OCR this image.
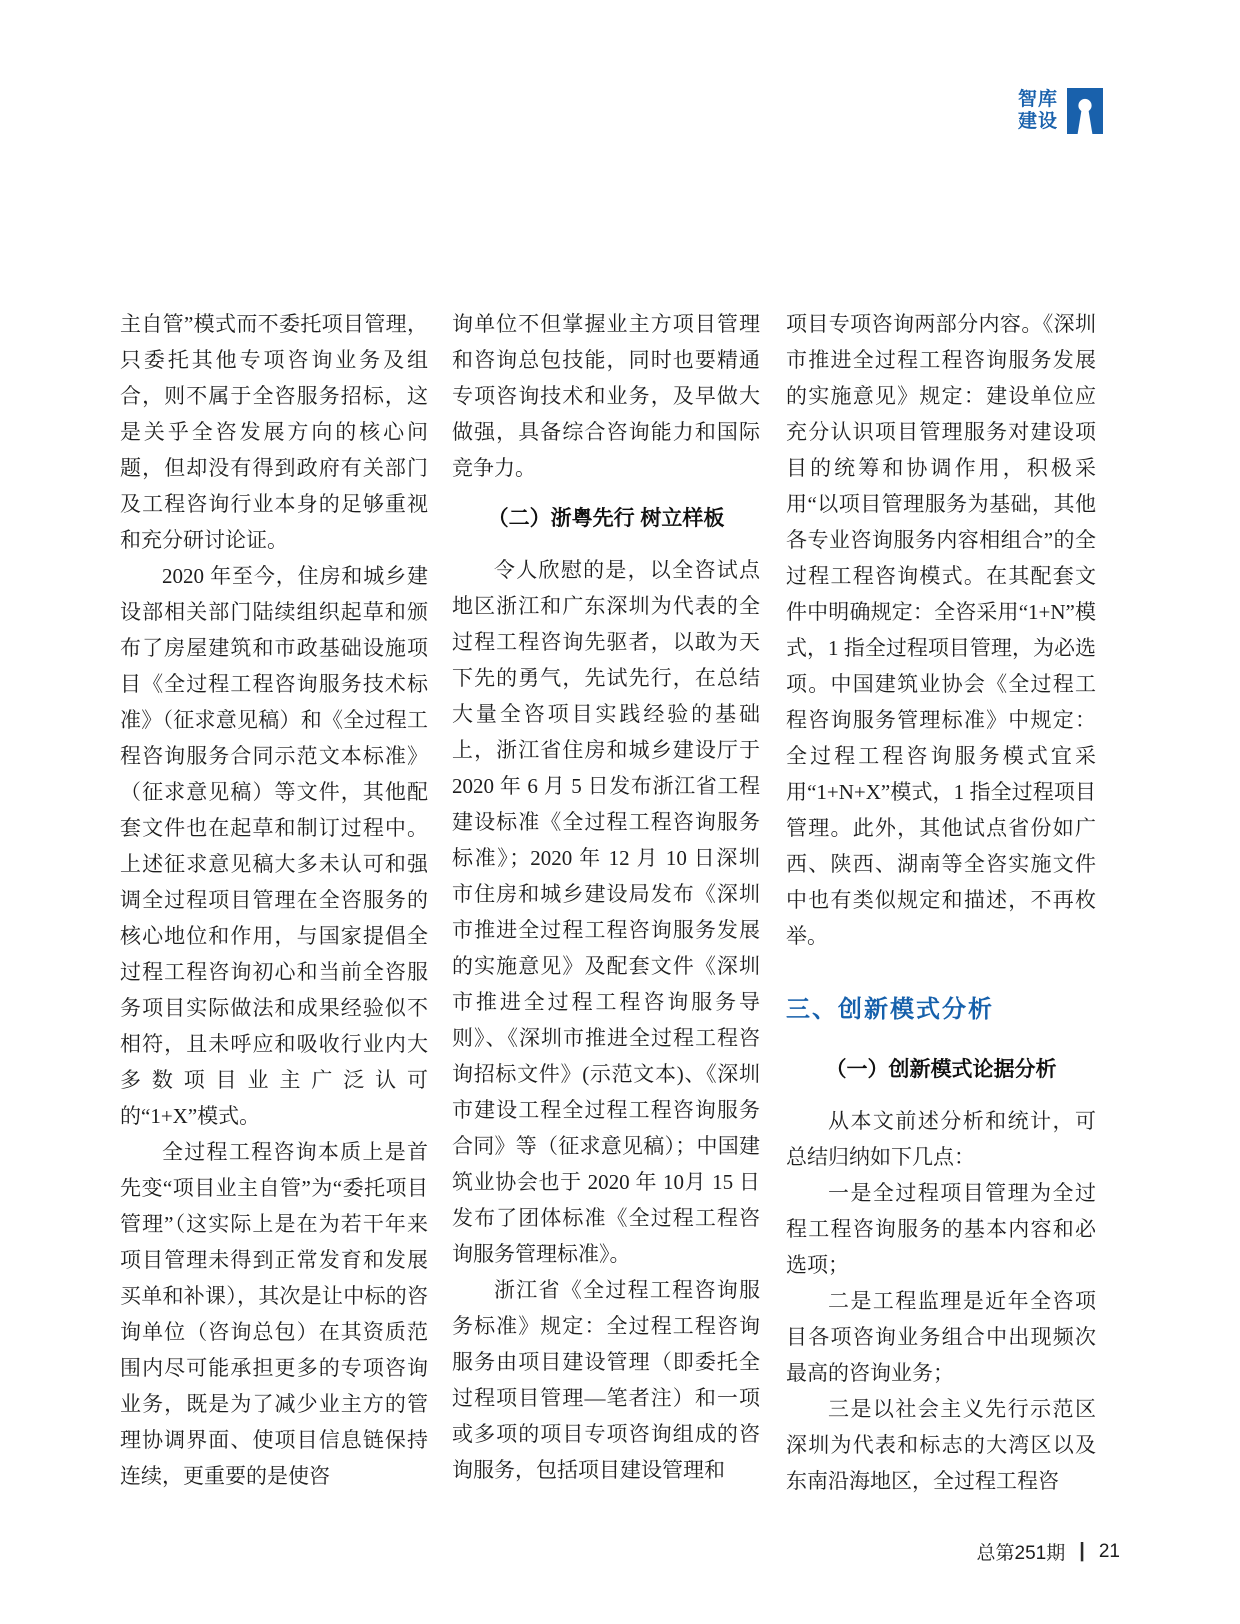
智库
建设

主自管”模式而不委托项目管理，只委托其他专项咨询业务及组合，则不属于全咨服务招标，这是关乎全咨发展方向的核心问题，但却没有得到政府有关部门及工程咨询行业本身的足够重视和充分研讨论证。

2020 年至今，住房和城乡建设部相关部门陆续组织起草和颁布了房屋建筑和市政基础设施项目《全过程工程咨询服务技术标准》（征求意见稿）和《全过程工程咨询服务合同示范文本标准》（征求意见稿）等文件，其他配套文件也在起草和制订过程中。上述征求意见稿大多未认可和强调全过程项目管理在全咨服务的核心地位和作用，与国家提倡全过程工程咨询初心和当前全咨服务项目实际做法和成果经验似不相符，且未呼应和吸收行业内大多数项目业主广泛认可的“1+X”模式。

全过程工程咨询本质上是首先变“项目业主自管”为“委托项目管理”（这实际上是在为若干年来项目管理未得到正常发育和发展买单和补课），其次是让中标的咨询单位（咨询总包）在其资质范围内尽可能承担更多的专项咨询业务，既是为了减少业主方的管理协调界面、使项目信息链保持连续，更重要的是使咨

询单位不但掌握业主方项目管理和咨询总包技能，同时也要精通专项咨询技术和业务，及早做大做强，具备综合咨询能力和国际竞争力。

（二）浙粤先行 树立样板

令人欣慰的是，以全咨试点地区浙江和广东深圳为代表的全过程工程咨询先驱者，以敢为天下先的勇气，先试先行，在总结大量全咨项目实践经验的基础上，浙江省住房和城乡建设厅于2020 年 6 月 5 日发布浙江省工程建设标准《全过程工程咨询服务标准》；2020 年 12 月 10 日深圳市住房和城乡建设局发布《深圳市推进全过程工程咨询服务发展的实施意见》及配套文件《深圳市推进全过程工程咨询服务导则》、《深圳市推进全过程工程咨询招标文件》(示范文本)、《深圳市建设工程全过程工程咨询服务合同》等（征求意见稿）；中国建筑业协会也于 2020 年 10月 15 日发布了团体标准《全过程工程咨询服务管理标准》。

浙江省《全过程工程咨询服务标准》规定：全过程工程咨询服务由项目建设管理（即委托全过程项目管理—笔者注）和一项或多项的项目专项咨询组成的咨询服务，包括项目建设管理和

项目专项咨询两部分内容。《深圳市推进全过程工程咨询服务发展的实施意见》规定：建设单位应充分认识项目管理服务对建设项目的统筹和协调作用，积极采用“以项目管理服务为基础，其他各专业咨询服务内容相组合”的全过程工程咨询模式。在其配套文件中明确规定：全咨采用“1+N”模式，1 指全过程项目管理，为必选项。中国建筑业协会《全过程工程咨询服务管理标准》中规定：全过程工程咨询服务模式宜采用“1+N+X”模式，1 指全过程项目管理。此外，其他试点省份如广西、陕西、湖南等全咨实施文件中也有类似规定和描述，不再枚举。

三、创新模式分析
（一）创新模式论据分析

从本文前述分析和统计，可总结归纳如下几点：

一是全过程项目管理为全过程工程咨询服务的基本内容和必选项；

二是工程监理是近年全咨项目各项咨询业务组合中出现频次最高的咨询业务；

三是以社会主义先行示范区深圳为代表和标志的大湾区以及东南沿海地区，全过程工程咨

总第251期 | 21
